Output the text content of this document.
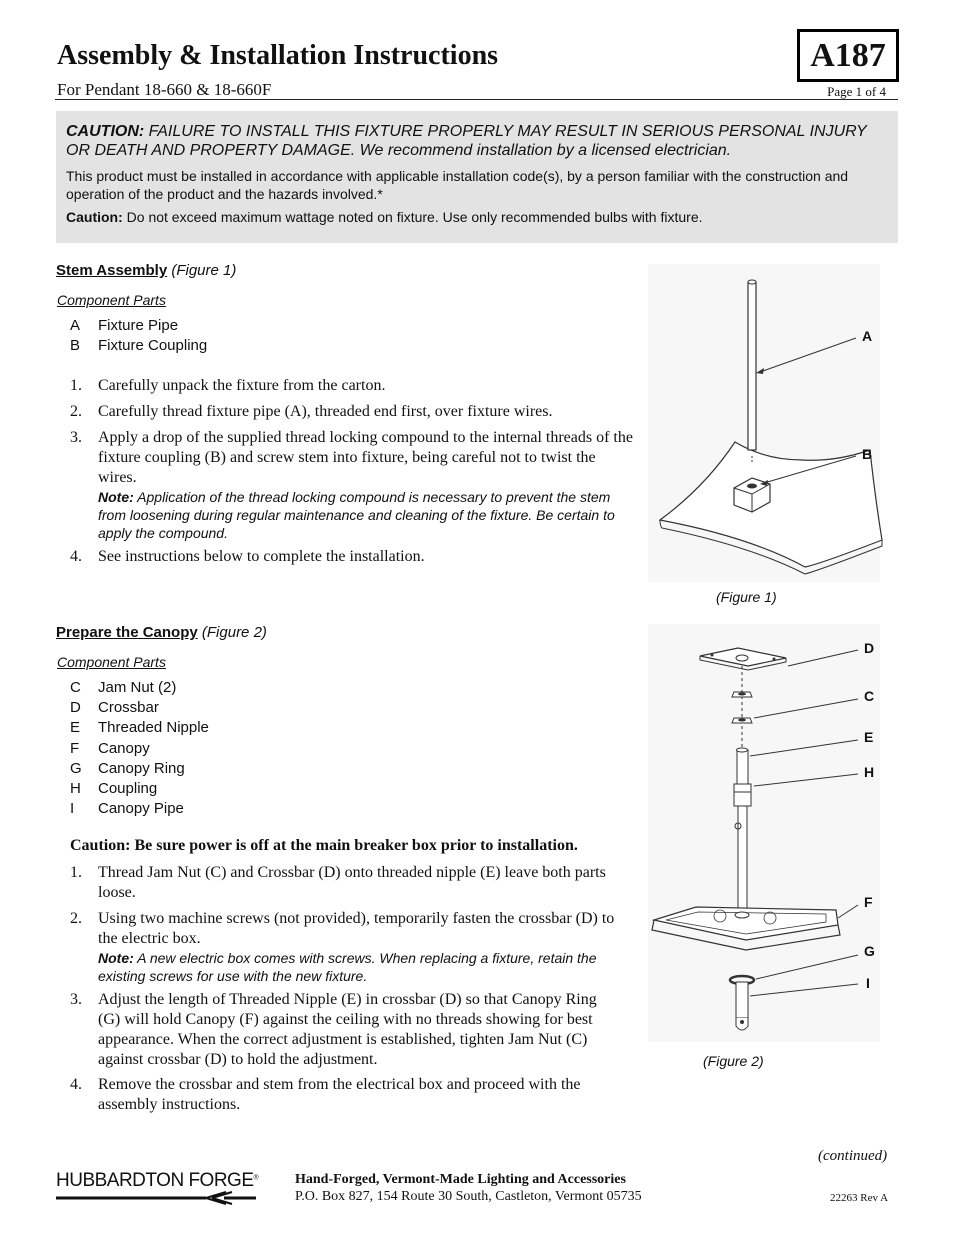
Assembly & Installation Instructions
For Pendant 18-660 & 18-660F
A187
Page 1 of 4
CAUTION: FAILURE TO INSTALL THIS FIXTURE PROPERLY MAY RESULT IN SERIOUS PERSONAL INJURY OR DEATH AND PROPERTY DAMAGE. We recommend installation by a licensed electrician.
This product must be installed in accordance with applicable installation code(s), by a person familiar with the construction and operation of the product and the hazards involved.*
Caution: Do not exceed maximum wattage noted on fixture. Use only recommended bulbs with fixture.
Stem Assembly (Figure 1)
Component Parts
A Fixture Pipe
B Fixture Coupling
1. Carefully unpack the fixture from the carton.
2. Carefully thread fixture pipe (A), threaded end first, over fixture wires.
3. Apply a drop of the supplied thread locking compound to the internal threads of the fixture coupling (B) and screw stem into fixture, being careful not to twist the wires.
Note: Application of the thread locking compound is necessary to prevent the stem from loosening during regular maintenance and cleaning of the fixture. Be certain to apply the compound.
4. See instructions below to complete the installation.
A
B
(Figure 1)
Prepare the Canopy (Figure 2)
Component Parts
C Jam Nut (2)
D Crossbar
E Threaded Nipple
F Canopy
G Canopy Ring
H Coupling
I Canopy Pipe
Caution: Be sure power is off at the main breaker box prior to installation.
1. Thread Jam Nut (C) and Crossbar (D) onto threaded nipple (E) leave both parts loose.
2. Using two machine screws (not provided), temporarily fasten the crossbar (D) to the electric box.
Note: A new electric box comes with screws. When replacing a fixture, retain the existing screws for use with the new fixture.
3. Adjust the length of Threaded Nipple (E) in crossbar (D) so that Canopy Ring (G) will hold Canopy (F) against the ceiling with no threads showing for best appearance. When the correct adjustment is established, tighten Jam Nut (C) against crossbar (D) to hold the adjustment.
4. Remove the crossbar and stem from the electrical box and proceed with the assembly instructions.
D
C
E
H
F
G
I
(Figure 2)
(continued)
HUBBARDTON FORGE®	Hand-Forged, Vermont-Made Lighting and Accessories
P.O. Box 827, 154 Route 30 South, Castleton, Vermont 05735	22263 Rev A
